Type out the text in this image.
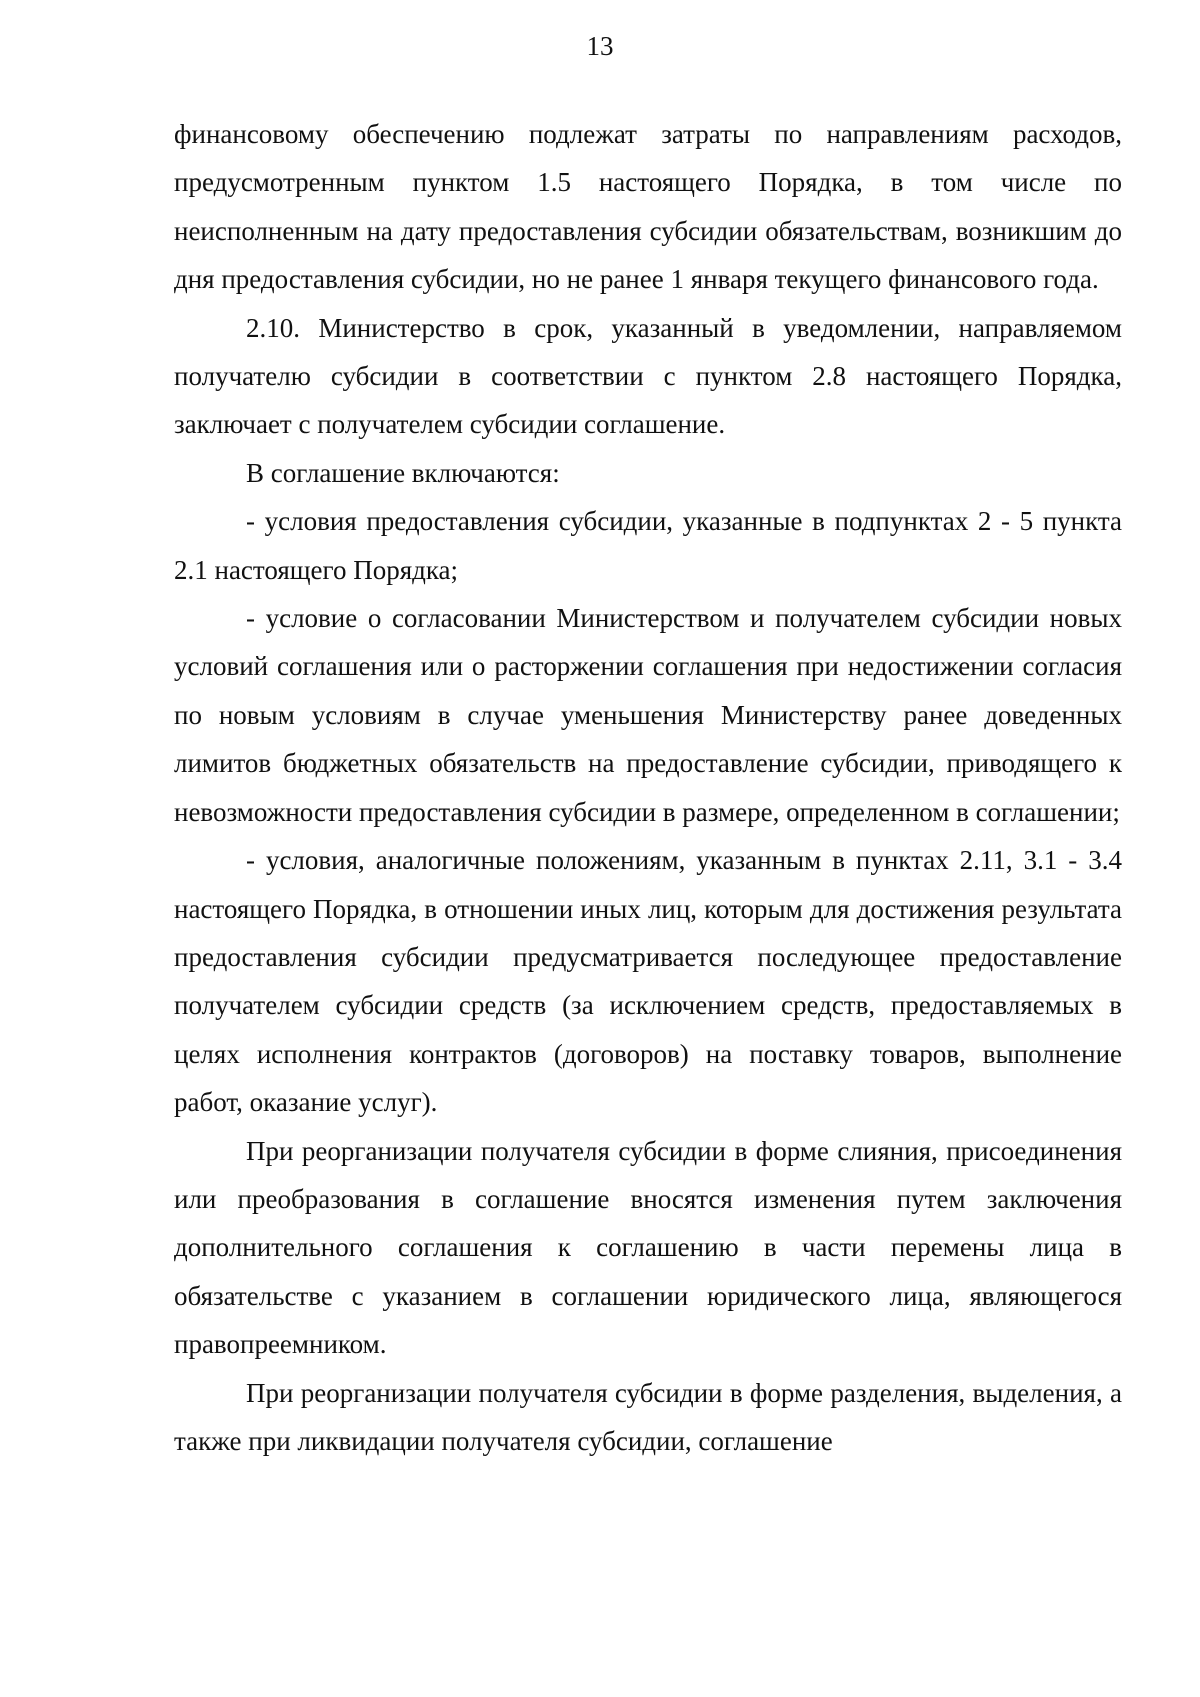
13

финансовому обеспечению подлежат затраты по направлениям расходов, предусмотренным пунктом 1.5 настоящего Порядка, в том числе по неисполненным на дату предоставления субсидии обязательствам, возникшим до дня предоставления субсидии, но не ранее 1 января текущего финансового года.

2.10. Министерство в срок, указанный в уведомлении, направляемом получателю субсидии в соответствии с пунктом 2.8 настоящего Порядка, заключает с получателем субсидии соглашение.

В соглашение включаются:

- условия предоставления субсидии, указанные в подпунктах 2 - 5 пункта 2.1 настоящего Порядка;

- условие о согласовании Министерством и получателем субсидии новых условий соглашения или о расторжении соглашения при недостижении согласия по новым условиям в случае уменьшения Министерству ранее доведенных лимитов бюджетных обязательств на предоставление субсидии, приводящего к невозможности предоставления субсидии в размере, определенном в соглашении;

- условия, аналогичные положениям, указанным в пунктах 2.11, 3.1 - 3.4 настоящего Порядка, в отношении иных лиц, которым для достижения результата предоставления субсидии предусматривается последующее предоставление получателем субсидии средств (за исключением средств, предоставляемых в целях исполнения контрактов (договоров) на поставку товаров, выполнение работ, оказание услуг).

При реорганизации получателя субсидии в форме слияния, присоединения или преобразования в соглашение вносятся изменения путем заключения дополнительного соглашения к соглашению в части перемены лица в обязательстве с указанием в соглашении юридического лица, являющегося правопреемником.

При реорганизации получателя субсидии в форме разделения, выделения, а также при ликвидации получателя субсидии, соглашение
